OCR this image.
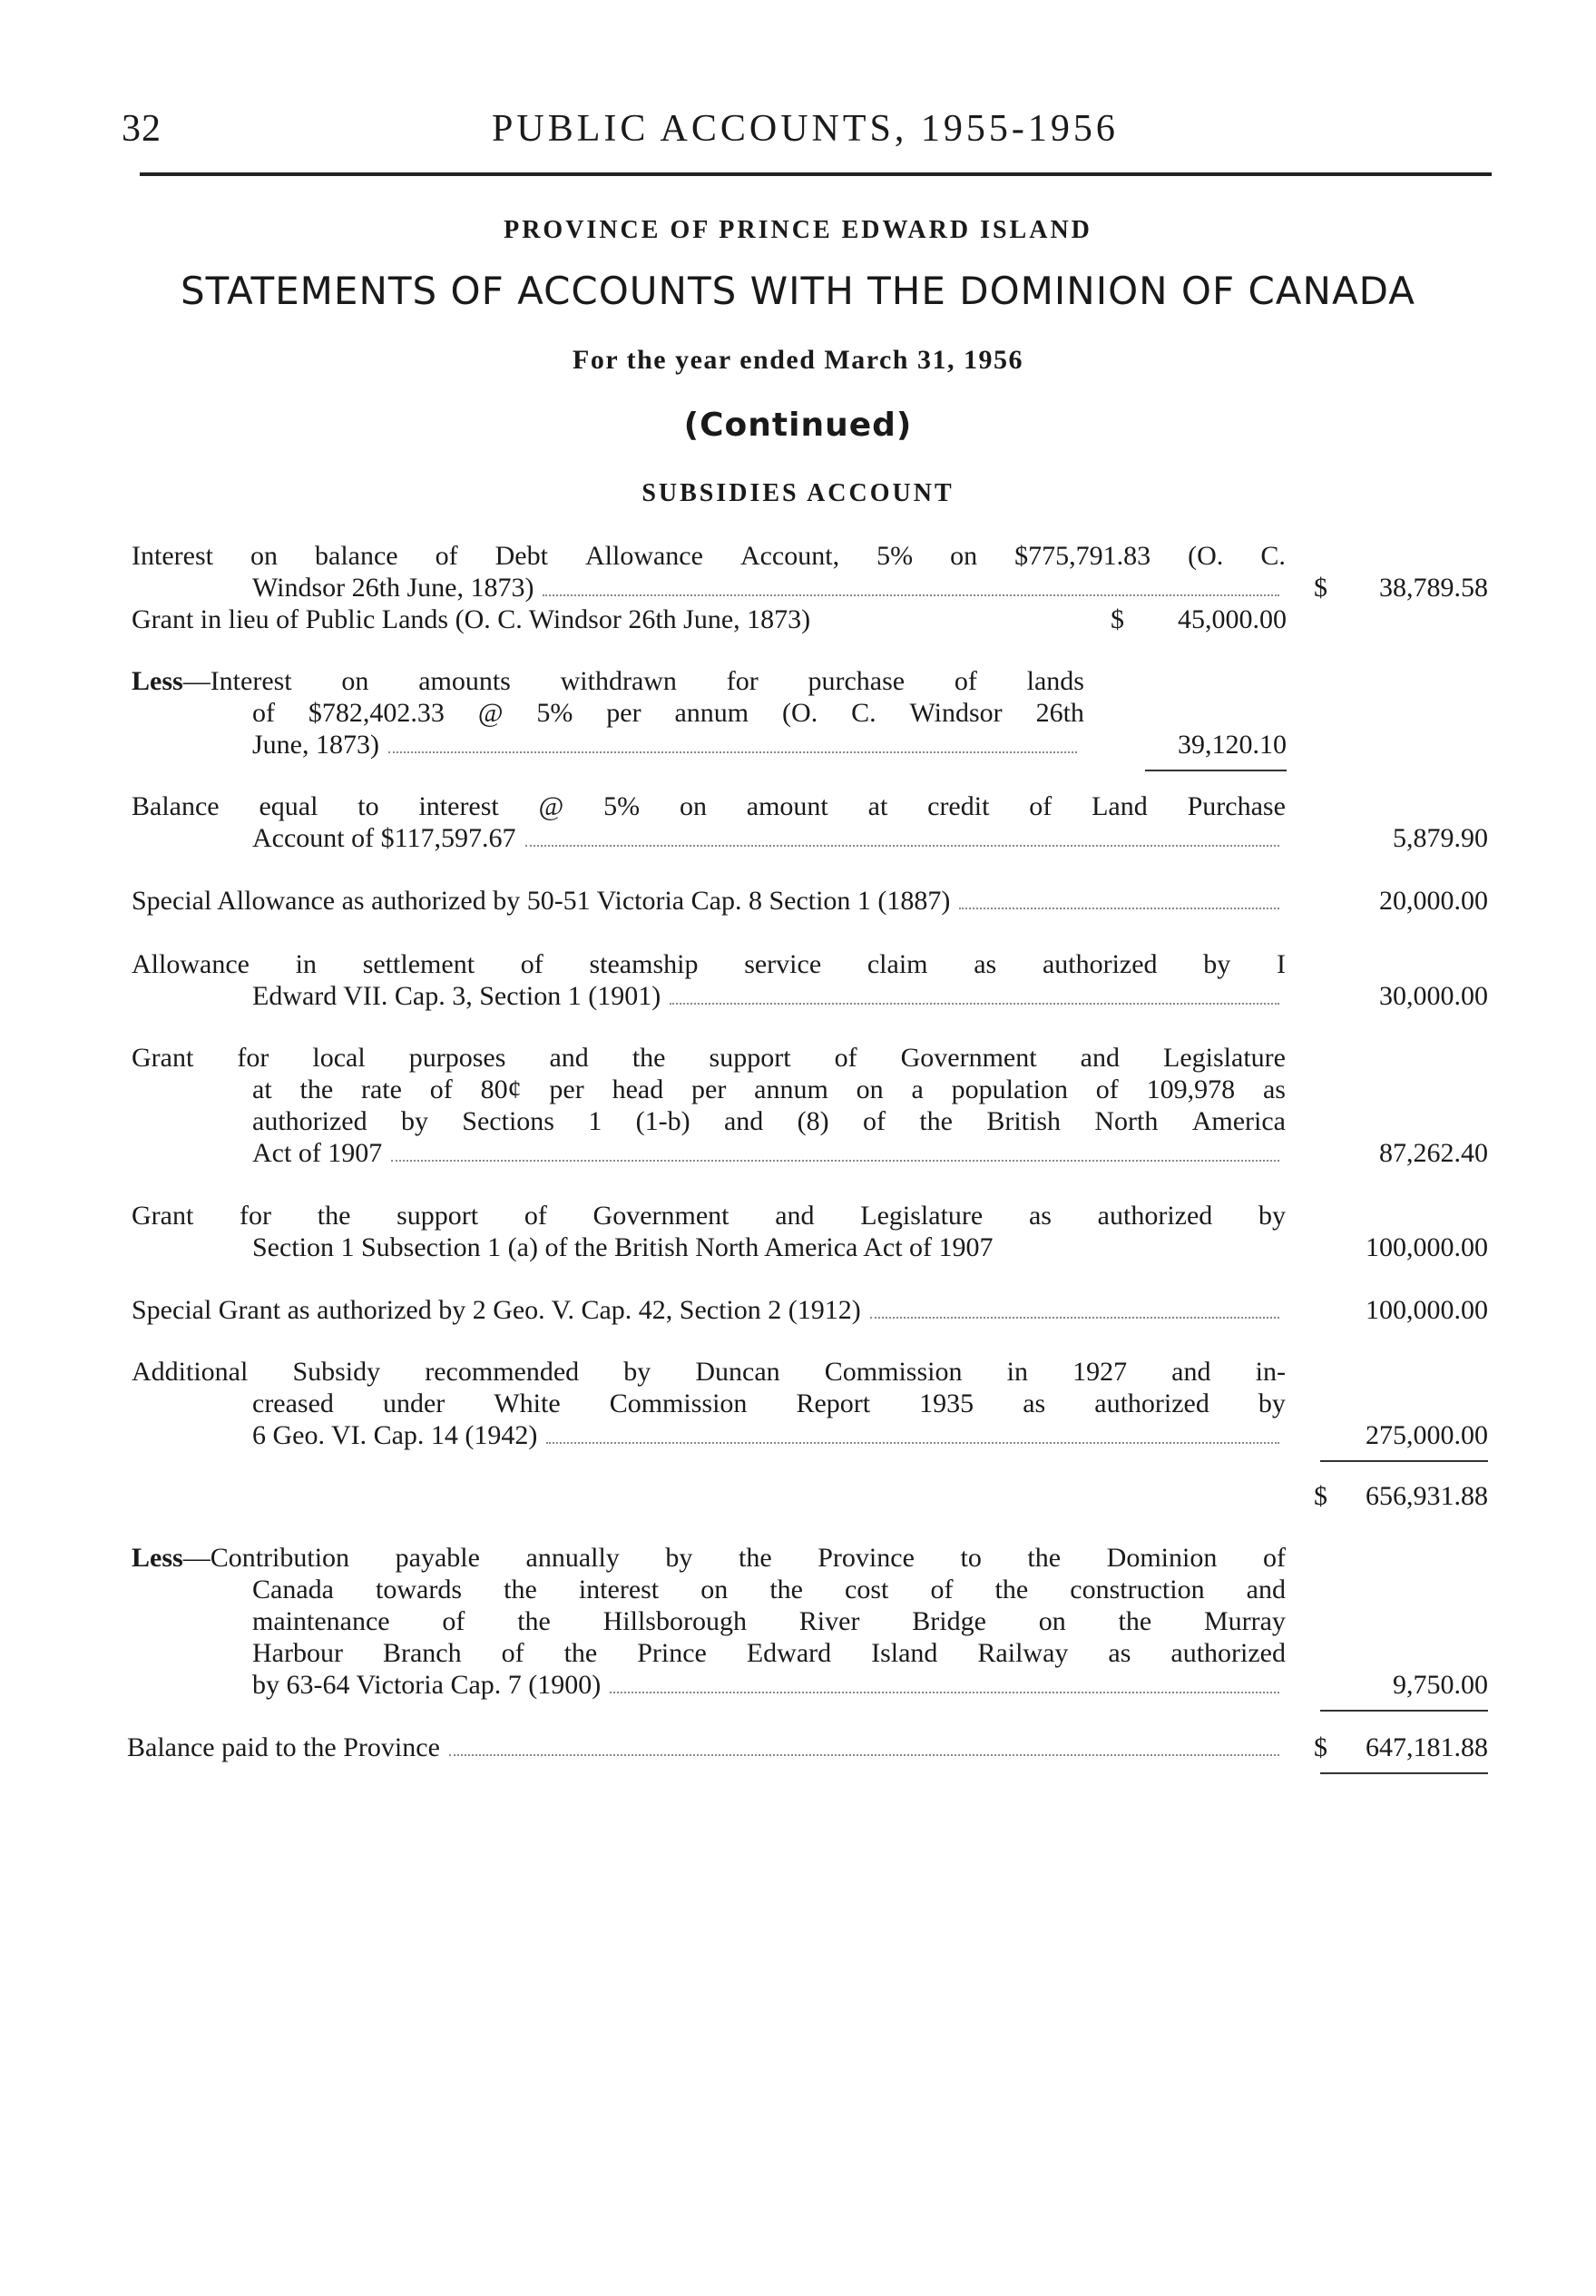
32	PUBLIC ACCOUNTS, 1955-1956
PROVINCE OF PRINCE EDWARD ISLAND
STATEMENTS OF ACCOUNTS WITH THE DOMINION OF CANADA
For the year ended March 31, 1956
(Continued)
SUBSIDIES ACCOUNT
Interest on balance of Debt Allowance Account, 5% on $775,791.83 (O. C.
Windsor 26th June, 1873)	$	38,789.58
Grant in lieu of Public Lands (O. C. Windsor 26th June, 1873)	$	45,000.00
Less—Interest on amounts withdrawn for purchase of lands
of $782,402.33 @ 5% per annum (O. C. Windsor 26th
June, 1873)	39,120.10
Balance equal to interest @ 5% on amount at credit of Land Purchase
Account of $117,597.67	5,879.90
Special Allowance as authorized by 50-51 Victoria Cap. 8 Section 1 (1887)	20,000.00
Allowance in settlement of steamship service claim as authorized by I
Edward VII. Cap. 3, Section 1 (1901)	30,000.00
Grant for local purposes and the support of Government and Legislature
at the rate of 80¢ per head per annum on a population of 109,978 as
authorized by Sections 1 (1-b) and (8) of the British North America
Act of 1907	87,262.40
Grant for the support of Government and Legislature as authorized by
Section 1 Subsection 1 (a) of the British North America Act of 1907	100,000.00
Special Grant as authorized by 2 Geo. V. Cap. 42, Section 2 (1912)	100,000.00
Additional Subsidy recommended by Duncan Commission in 1927 and in-
creased under White Commission Report 1935 as authorized by
6 Geo. VI. Cap. 14 (1942)	275,000.00
$	656,931.88
Less—Contribution payable annually by the Province to the Dominion of
Canada towards the interest on the cost of the construction and
maintenance of the Hillsborough River Bridge on the Murray
Harbour Branch of the Prince Edward Island Railway as authorized
by 63-64 Victoria Cap. 7 (1900)	9,750.00
Balance paid to the Province	$	647,181.88
